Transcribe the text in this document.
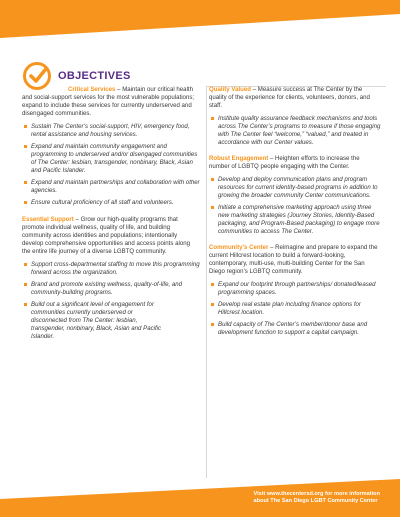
OBJECTIVES

Critical Services – Maintain our critical health and social-support services for the most vulnerable populations; expand to include these services for currently underserved and disengaged communities.

Sustain The Center’s social-support, HIV, emergency food, rental assistance and housing services.
Expand and maintain community engagement and programming to underserved and/or disengaged communities of The Center: lesbian, transgender, nonbinary, Black, Asian and Pacific Islander.
Expand and maintain partnerships and collaboration with other agencies.
Ensure cultural proficiency of all staff and volunteers.

Essential Support – Grow our high-quality programs that promote individual wellness, quality of life, and building community across identities and populations; intentionally develop comprehensive opportunities and access points along the entire life journey of a diverse LGBTQ community.

Support cross-departmental staffing to move this programming forward across the organization.
Brand and promote existing wellness, quality-of-life, and community-building programs.
Build out a significant level of engagement for communities currently underserved or disconnected from The Center: lesbian, transgender, nonbinary, Black, Asian and Pacific Islander.

Quality Valued – Measure success at The Center by the quality of the experience for clients, volunteers, donors, and staff.

Institute quality assurance feedback mechanisms and tools across The Center’s programs to measure if those engaging with The Center feel “welcome,” “valued,” and treated in accordance with our Center values.

Robust Engagement – Heighten efforts to increase the number of LGBTQ people engaging with the Center.

Develop and deploy communication plans and program resources for current identity-based programs in addition to growing the broader community Center communications.
Initiate a comprehensive marketing approach using three new marketing strategies (Journey Stories, Identity-Based packaging, and Program-Based packaging) to engage more communities to access The Center.

Community’s Center – Reimagine and prepare to expand the current Hillcrest location to build a forward-looking, contemporary, multi-use, multi-building Center for the San Diego region’s LGBTQ community.

Expand our footprint through partnerships/ donated/leased programming spaces.
Develop real estate plan including finance options for Hillcrest location.
Build capacity of The Center’s member/donor base and development function to support a capital campaign.
Visit www.thecentersd.org for more information
about The San Diego LGBT Community Center
